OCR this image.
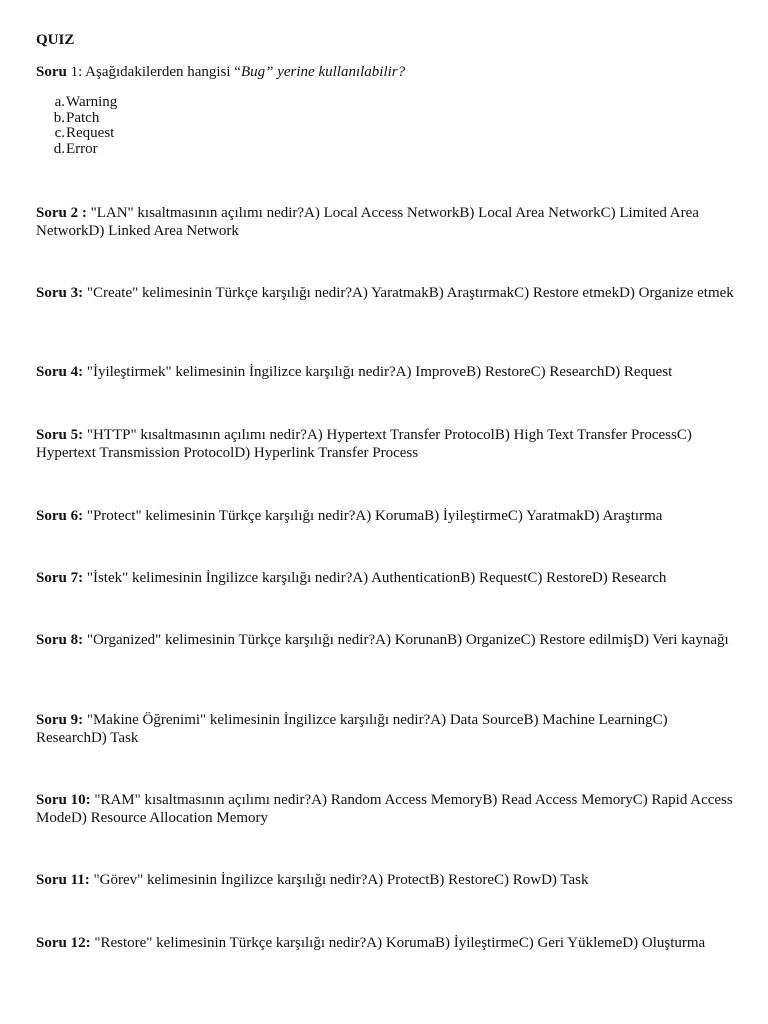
QUIZ
Soru 1: Aşağıdakilerden hangisi “Bug” yerine kullanılabilir?
a. Warning
b. Patch
c. Request
d. Error
Soru 2 : "LAN" kısaltmasının açılımı nedir?A) Local Access NetworkB) Local Area NetworkC) Limited Area NetworkD) Linked Area Network
Soru 3: "Create" kelimesinin Türkçe karşılığı nedir?A) YaratmakB) AraştırmakC) Restore etmekD) Organize etmek
Soru 4: "İyileştirmek" kelimesinin İngilizce karşılığı nedir?A) ImproveB) RestoreC) ResearchD) Request
Soru 5: "HTTP" kısaltmasının açılımı nedir?A) Hypertext Transfer ProtocolB) High Text Transfer ProcessC) Hypertext Transmission ProtocolD) Hyperlink Transfer Process
Soru 6: "Protect" kelimesinin Türkçe karşılığı nedir?A) KorumaB) İyileştirmeC) YaratmakD) Araştırma
Soru 7: "İstek" kelimesinin İngilizce karşılığı nedir?A) AuthenticationB) RequestC) RestoreD) Research
Soru 8: "Organized" kelimesinin Türkçe karşılığı nedir?A) KorunanB) OrganizeC) Restore edilmişD) Veri kaynağı
Soru 9: "Makine Öğrenimi" kelimesinin İngilizce karşılığı nedir?A) Data SourceB) Machine LearningC) ResearchD) Task
Soru 10: "RAM" kısaltmasının açılımı nedir?A) Random Access MemoryB) Read Access MemoryC) Rapid Access ModeD) Resource Allocation Memory
Soru 11: "Görev" kelimesinin İngilizce karşılığı nedir?A) ProtectB) RestoreC) RowD) Task
Soru 12: "Restore" kelimesinin Türkçe karşılığı nedir?A) KorumaB) İyileştirmeC) Geri YüklemeD) Oluşturma
